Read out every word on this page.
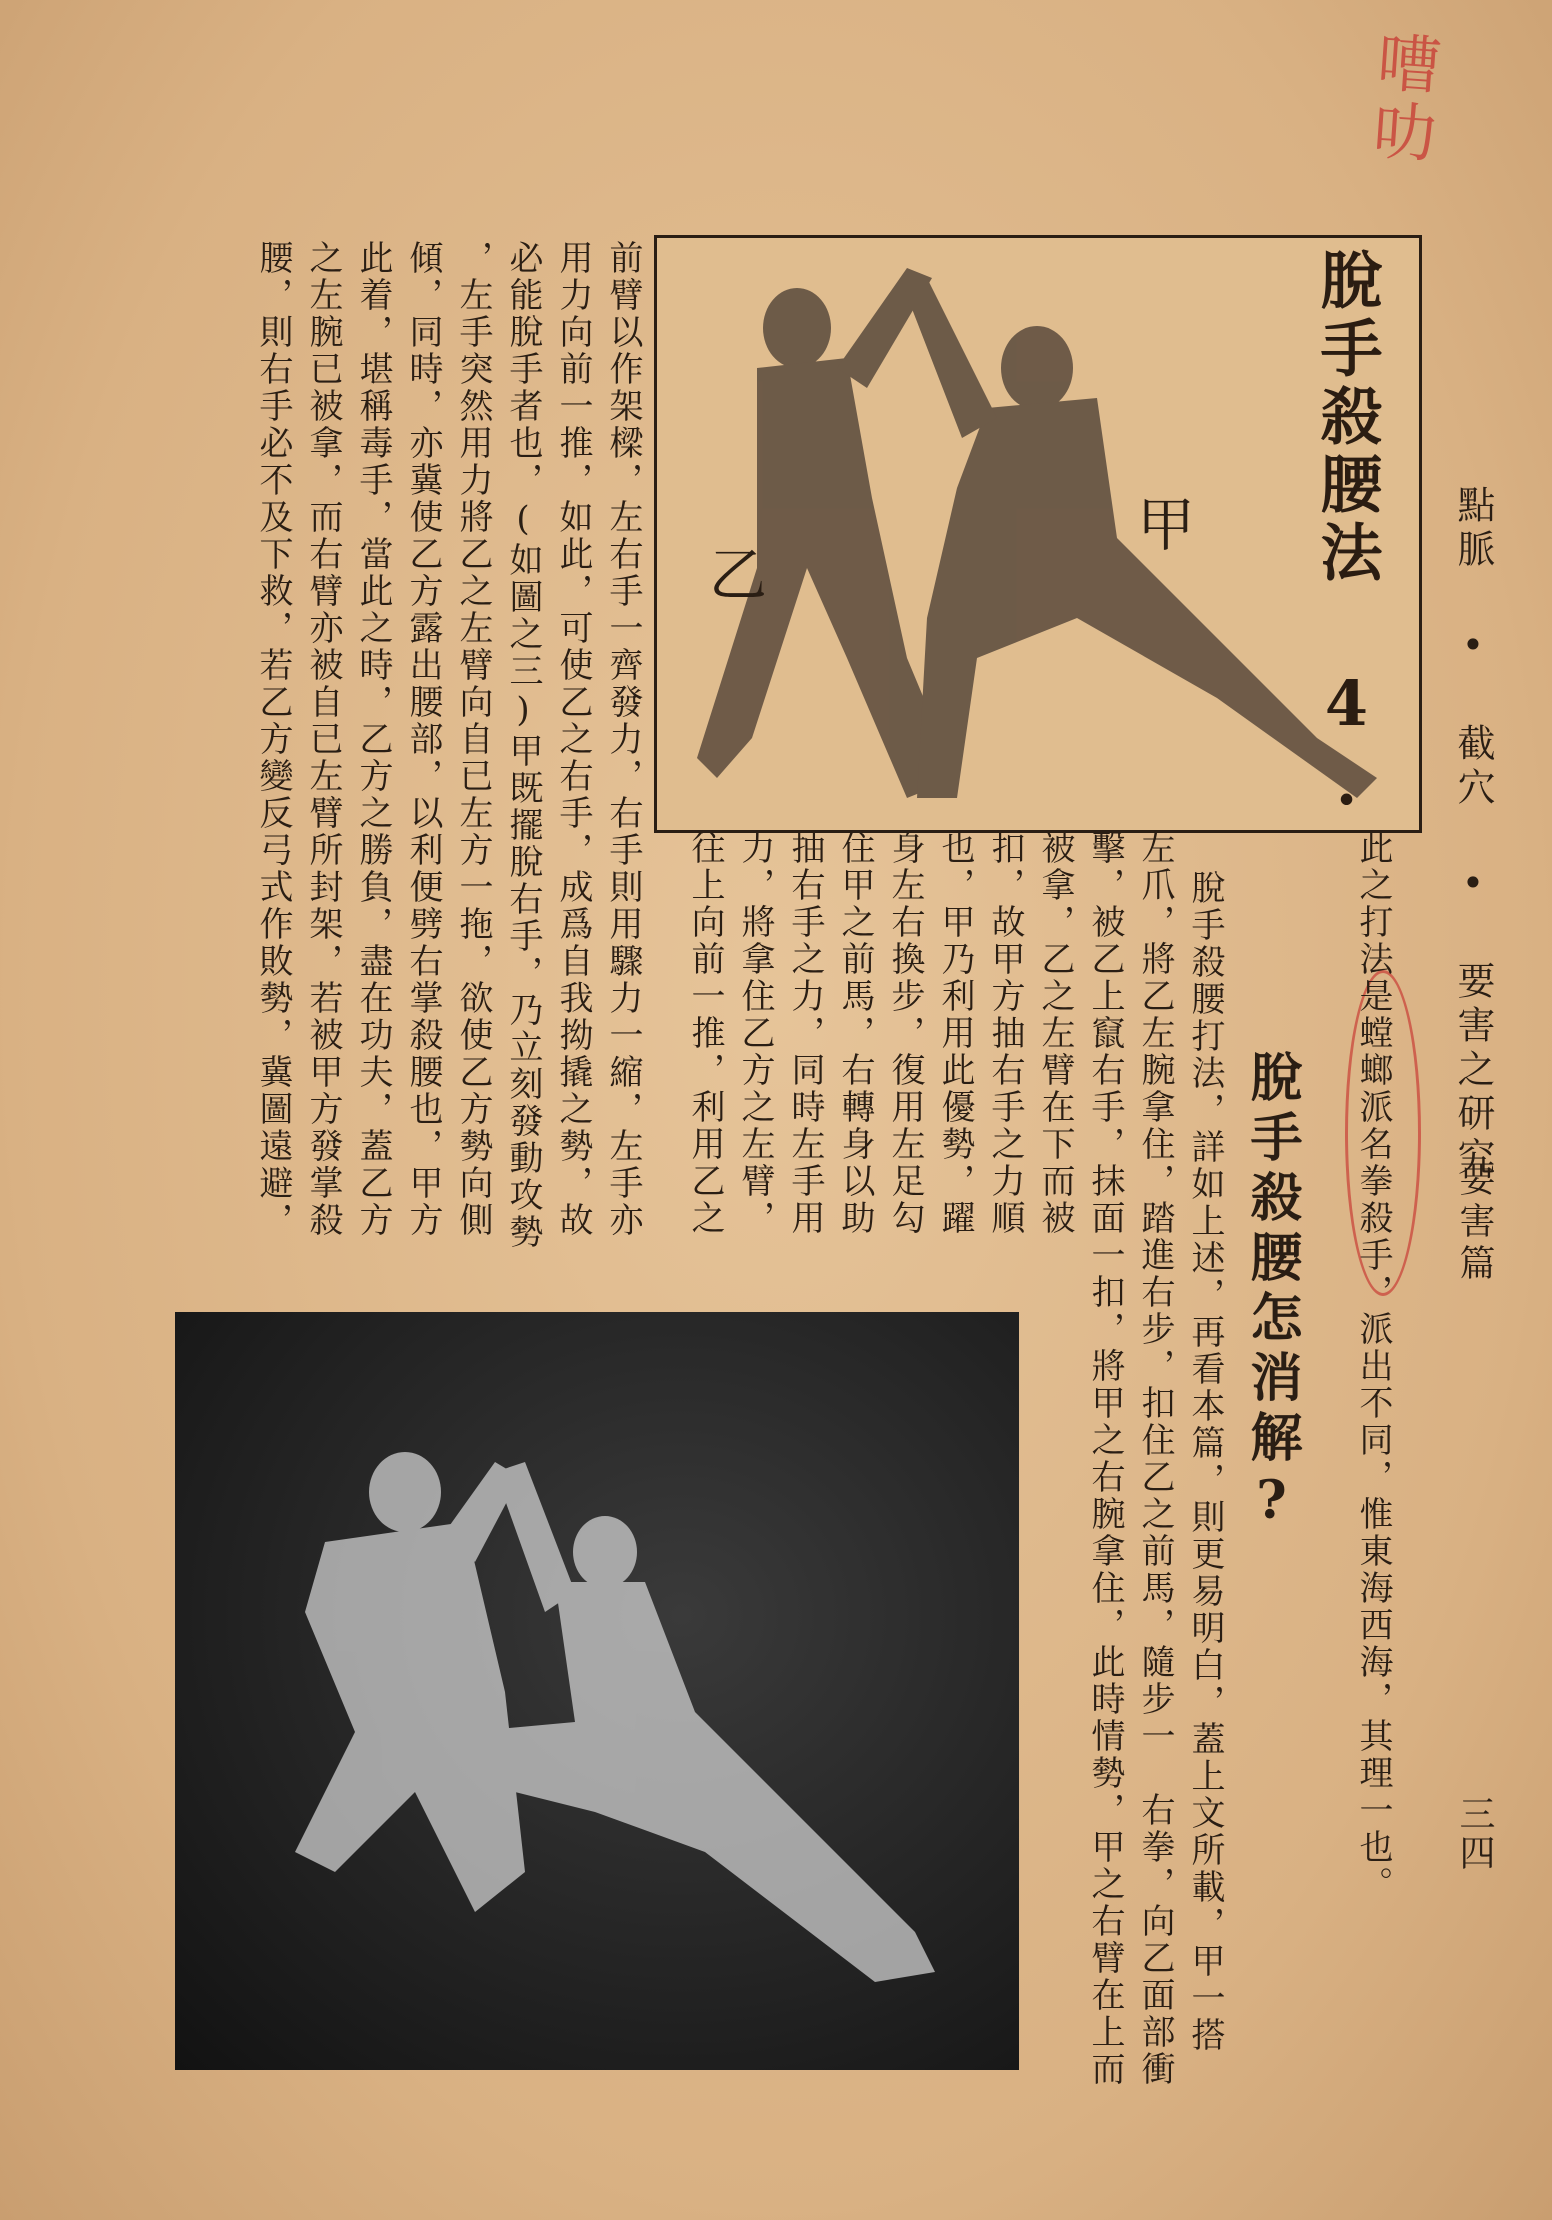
嘈叻
點脈 • 截穴 • 要害之研究
要害篇
三四
脫手殺腰法 4.
甲
乙
此之打法是螳螂派名拳殺手，派出不同，惟東海西海，其理一也。
脫手殺腰怎消解?
脫手殺腰打法，詳如上述，再看本篇，則更易明白，蓋上文所載，甲一搭
左爪，將乙左腕拿住，踏進右步，扣住乙之前馬，隨步一　右拳，向乙面部衝
擊，被乙上竄右手，抹面一扣，將甲之右腕拿住，此時情勢，甲之右臂在上而
被拿，乙之左臂在下而被
扣，故甲方抽右手之力順
也，甲乃利用此優勢，躍
身左右換步，復用左足勾
住甲之前馬，右轉身以助
抽右手之力，同時左手用
力，將拿住乙方之左臂，
往上向前一推，利用乙之
前臂以作架樑，左右手一齊發力，右手則用驟力一縮，左手亦
用力向前一推，如此，可使乙之右手，成爲自我拗撬之勢，故
必能脫手者也，(如圖之三)甲既擺脫右手，乃立刻發動攻勢
，左手突然用力將乙之左臂向自已左方一拖，欲使乙方勢向側
傾，同時，亦冀使乙方露出腰部，以利便劈右掌殺腰也，甲方
此着，堪稱毒手，當此之時，乙方之勝負，盡在功夫，蓋乙方
之左腕已被拿，而右臂亦被自已左臂所封架，若被甲方發掌殺
腰，則右手必不及下救，若乙方變反弓式作敗勢，冀圖遠避，
